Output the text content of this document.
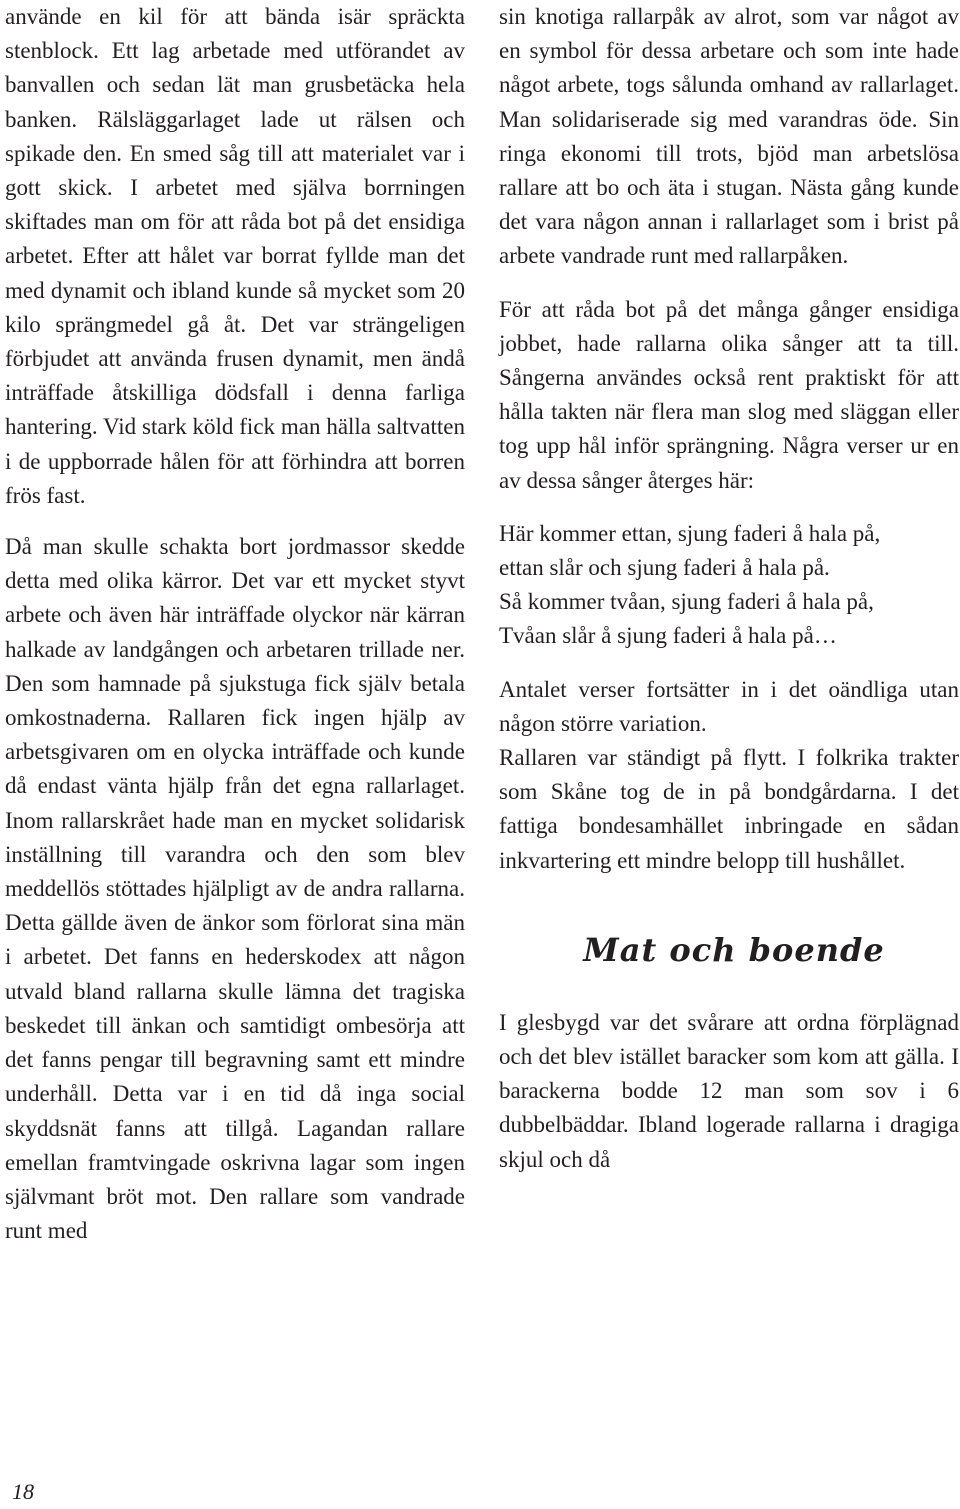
använde en kil för att bända isär spräckta stenblock. Ett lag arbetade med utförandet av banvallen och sedan lät man grusbetäcka hela banken. Rälsläggarlaget lade ut rälsen och spikade den. En smed såg till att materialet var i gott skick. I arbetet med själva borrningen skiftades man om för att råda bot på det ensidiga arbetet. Efter att hålet var borrat fyllde man det med dynamit och ibland kunde så mycket som 20 kilo sprängmedel gå åt. Det var strängeligen förbjudet att använda frusen dynamit, men ändå inträffade åtskilliga dödsfall i denna farliga hantering. Vid stark köld fick man hälla saltvatten i de uppborrade hålen för att förhindra att borren frös fast.

Då man skulle schakta bort jordmassor skedde detta med olika kärror. Det var ett mycket styvt arbete och även här inträffade olyckor när kärran halkade av landgången och arbetaren trillade ner. Den som hamnade på sjukstuga fick själv betala omkostnaderna. Rallaren fick ingen hjälp av arbetsgivaren om en olycka inträffade och kunde då endast vänta hjälp från det egna rallarlaget. Inom rallarskrået hade man en mycket solidarisk inställning till varandra och den som blev meddellös stöttades hjälpligt av de andra rallarna. Detta gällde även de änkor som förlorat sina män i arbetet. Det fanns en hederskodex att någon utvald bland rallarna skulle lämna det tragiska beskedet till änkan och samtidigt ombesörja att det fanns pengar till begravning samt ett mindre underhåll. Detta var i en tid då inga social skyddsnät fanns att tillgå. Lagandan rallare emellan framtvingade oskrivna lagar som ingen självmant bröt mot. Den rallare som vandrade runt med

sin knotiga rallarpåk av alrot, som var något av en symbol för dessa arbetare och som inte hade något arbete, togs sålunda omhand av rallarlaget. Man solidariserade sig med varandras öde. Sin ringa ekonomi till trots, bjöd man arbetslösa rallare att bo och äta i stugan. Nästa gång kunde det vara någon annan i rallarlaget som i brist på arbete vandrade runt med rallarpåken.

För att råda bot på det många gånger ensidiga jobbet, hade rallarna olika sånger att ta till. Sångerna användes också rent praktiskt för att hålla takten när flera man slog med släggan eller tog upp hål inför sprängning. Några verser ur en av dessa sånger återges här:

Här kommer ettan, sjung faderi å hala på,

ettan slår och sjung faderi å hala på.

Så kommer tvåan, sjung faderi å hala på,

Tvåan slår å sjung faderi å hala på…

Antalet verser fortsätter in i det oändliga utan någon större variation.

Rallaren var ständigt på flytt. I folkrika trakter som Skåne tog de in på bondgårdarna. I det fattiga bondesamhället inbringade en sådan inkvartering ett mindre belopp till hushållet.

Mat och boende

I glesbygd var det svårare att ordna förplägnad och det blev istället baracker som kom att gälla. I barackerna bodde 12 man som sov i 6 dubbelbäddar. Ibland logerade rallarna i dragiga skjul och då

18
